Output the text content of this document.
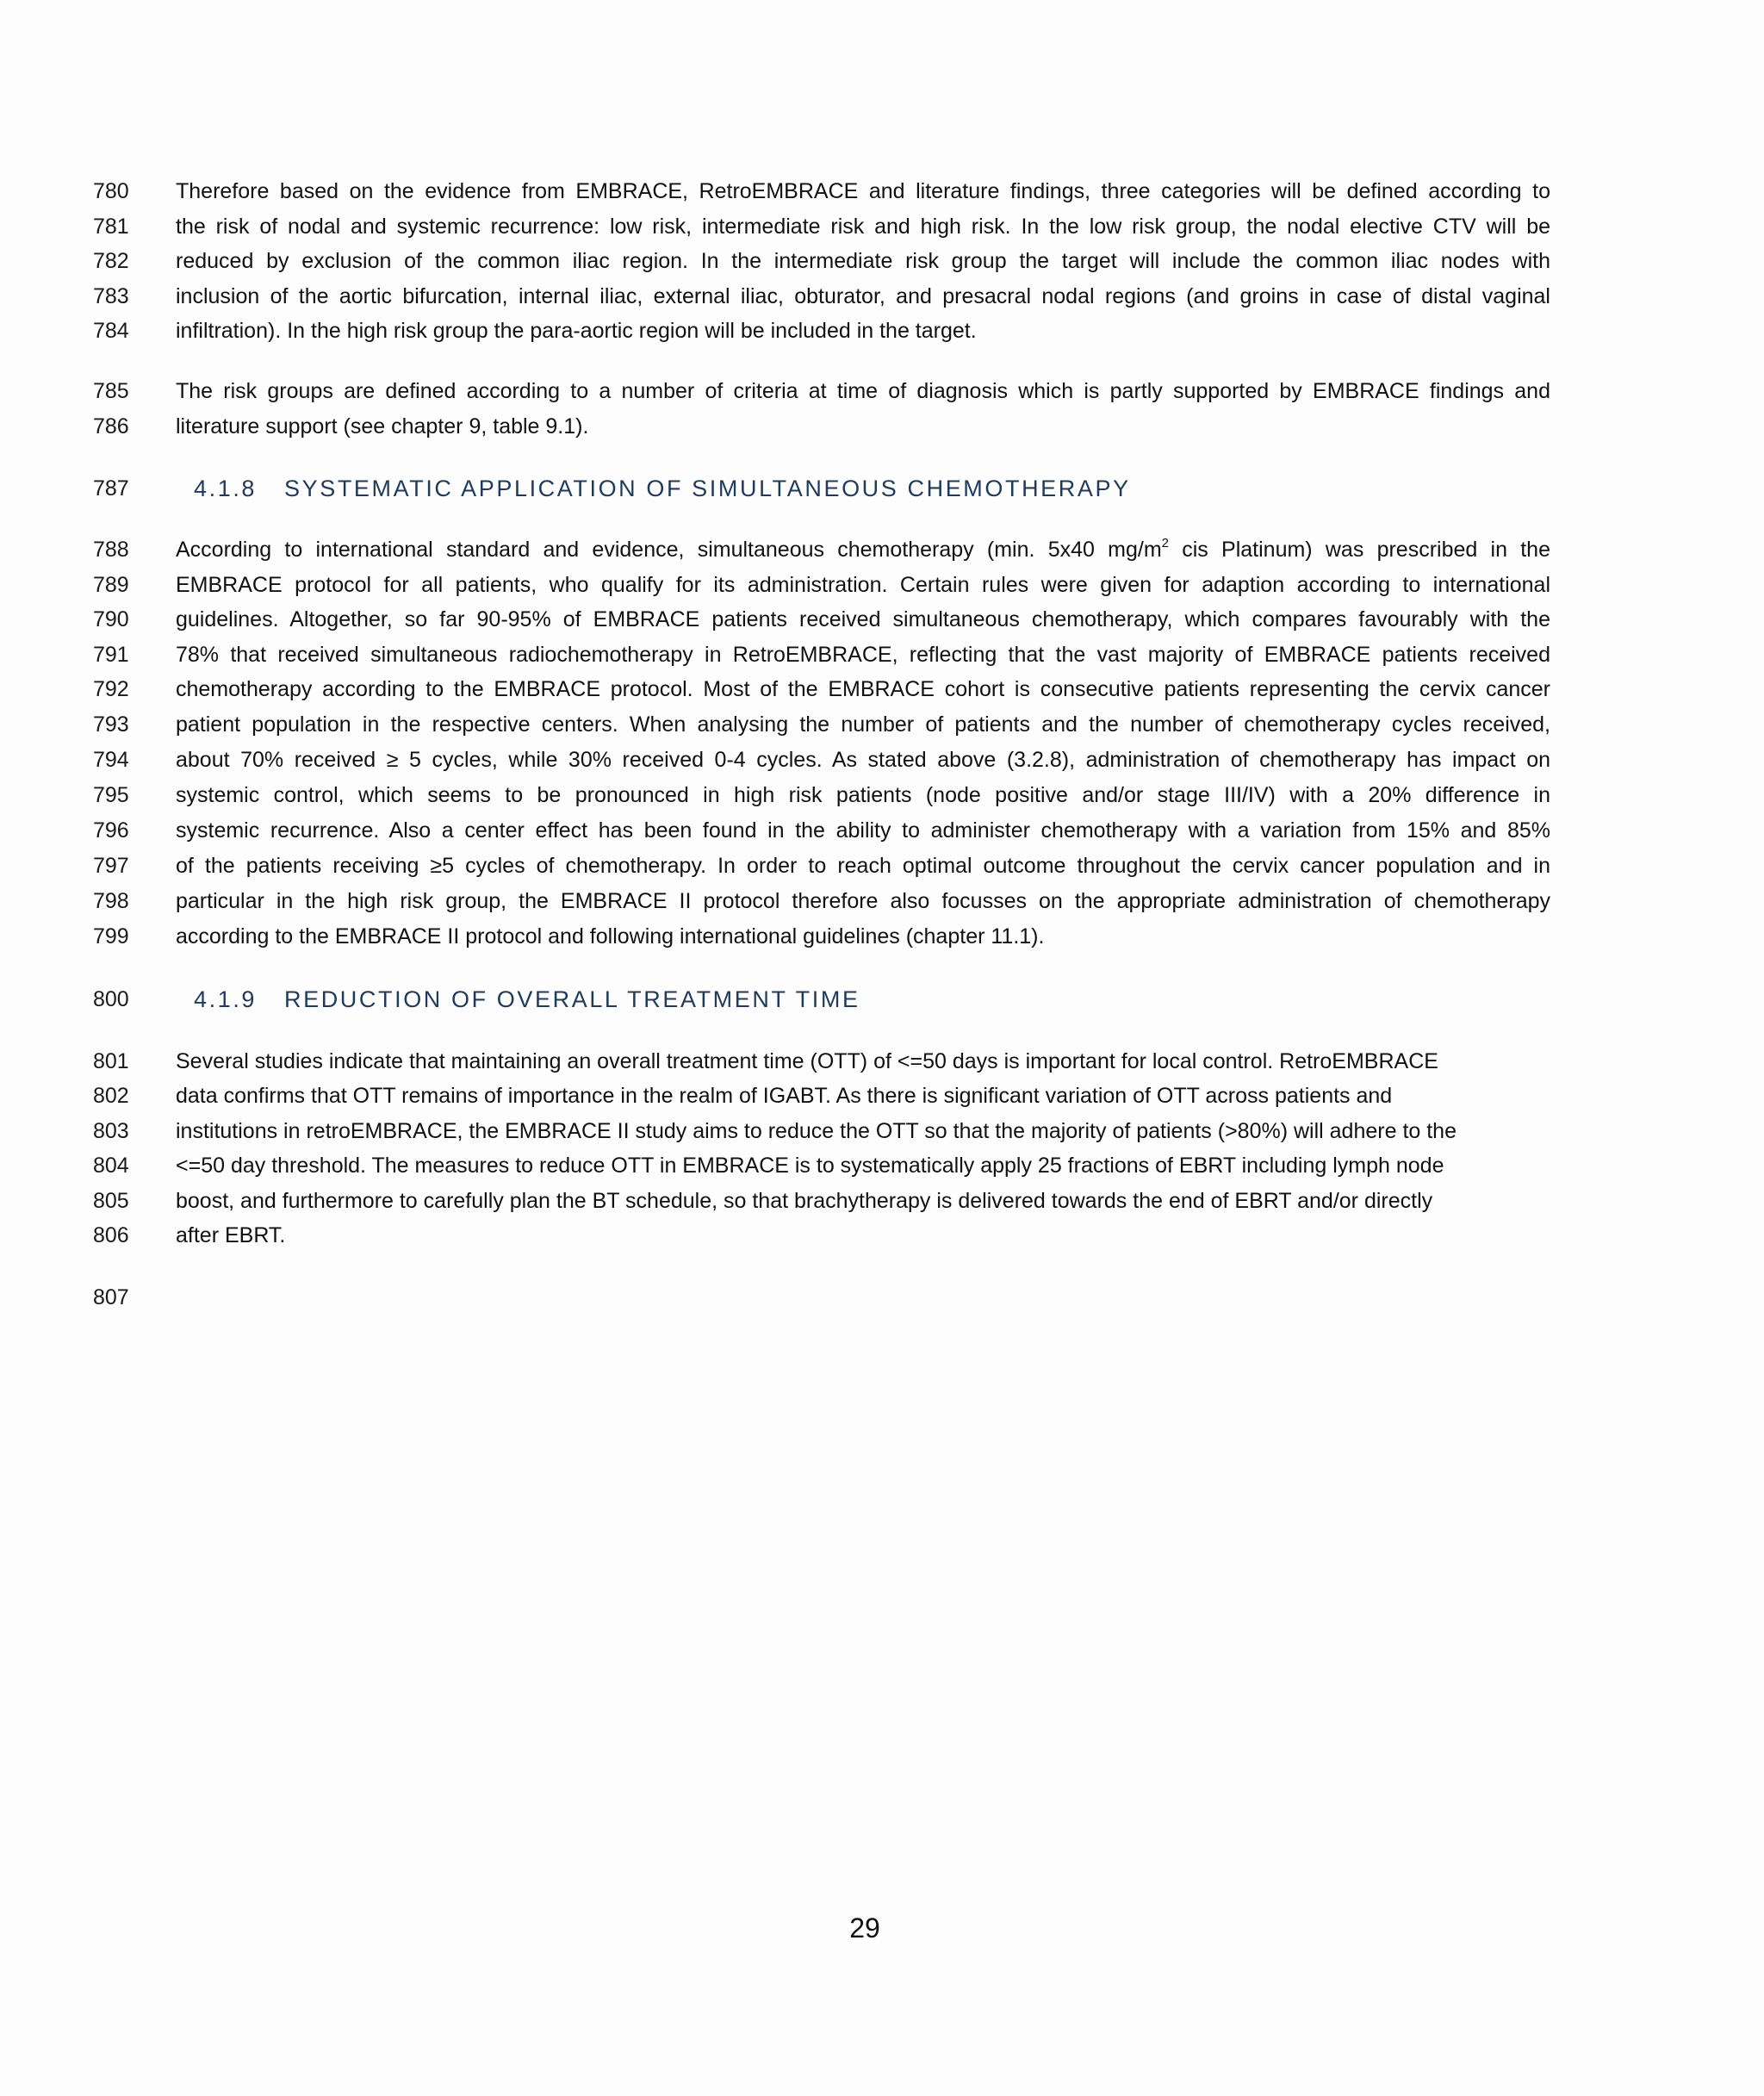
780 Therefore based on the evidence from EMBRACE, RetroEMBRACE and literature findings, three categories will be defined according to
781 the risk of nodal and systemic recurrence: low risk, intermediate risk and high risk. In the low risk group, the nodal elective CTV will be
782 reduced by exclusion of the common iliac region. In the intermediate risk group the target will include the common iliac nodes with
783 inclusion of the aortic bifurcation, internal iliac, external iliac, obturator, and presacral nodal regions (and groins in case of distal vaginal
784 infiltration). In the high risk group the para-aortic region will be included in the target.
785 The risk groups are defined according to a number of criteria at time of diagnosis which is partly supported by EMBRACE findings and
786 literature support (see chapter 9, table 9.1).
787	4.1.8 SYSTEMATIC APPLICATION OF SIMULTANEOUS CHEMOTHERAPY
788 According to international standard and evidence, simultaneous chemotherapy (min. 5x40 $mg/m^2$ cis Platinum) was prescribed in the
789 EMBRACE protocol for all patients, who qualify for its administration. Certain rules were given for adaption according to international
790 guidelines. Altogether, so far 90-95% of EMBRACE patients received simultaneous chemotherapy, which compares favourably with the
791 78% that received simultaneous radiochemotherapy in RetroEMBRACE, reflecting that the vast majority of EMBRACE patients received
792 chemotherapy according to the EMBRACE protocol. Most of the EMBRACE cohort is consecutive patients representing the cervix cancer
793 patient population in the respective centers. When analysing the number of patients and the number of chemotherapy cycles received,
794 about 70% received ≥ 5 cycles, while 30% received 0-4 cycles. As stated above (3.2.8), administration of chemotherapy has impact on
795 systemic control, which seems to be pronounced in high risk patients (node positive and/or stage III/IV) with a 20% difference in
796 systemic recurrence. Also a center effect has been found in the ability to administer chemotherapy with a variation from 15% and 85%
797 of the patients receiving ≥5 cycles of chemotherapy. In order to reach optimal outcome throughout the cervix cancer population and in
798 particular in the high risk group, the EMBRACE II protocol therefore also focusses on the appropriate administration of chemotherapy
799 according to the EMBRACE II protocol and following international guidelines (chapter 11.1).
800	4.1.9 REDUCTION OF OVERALL TREATMENT TIME
801 Several studies indicate that maintaining an overall treatment time (OTT) of <=50 days is important for local control. RetroEMBRACE
802 data confirms that OTT remains of importance in the realm of IGABT. As there is significant variation of OTT across patients and
803 institutions in retroEMBRACE, the EMBRACE II study aims to reduce the OTT so that the majority of patients (>80%) will adhere to the
804 <=50 day threshold. The measures to reduce OTT in EMBRACE is to systematically apply 25 fractions of EBRT including lymph node
805 boost, and furthermore to carefully plan the BT schedule, so that brachytherapy is delivered towards the end of EBRT and/or directly
806 after EBRT.
807
29
